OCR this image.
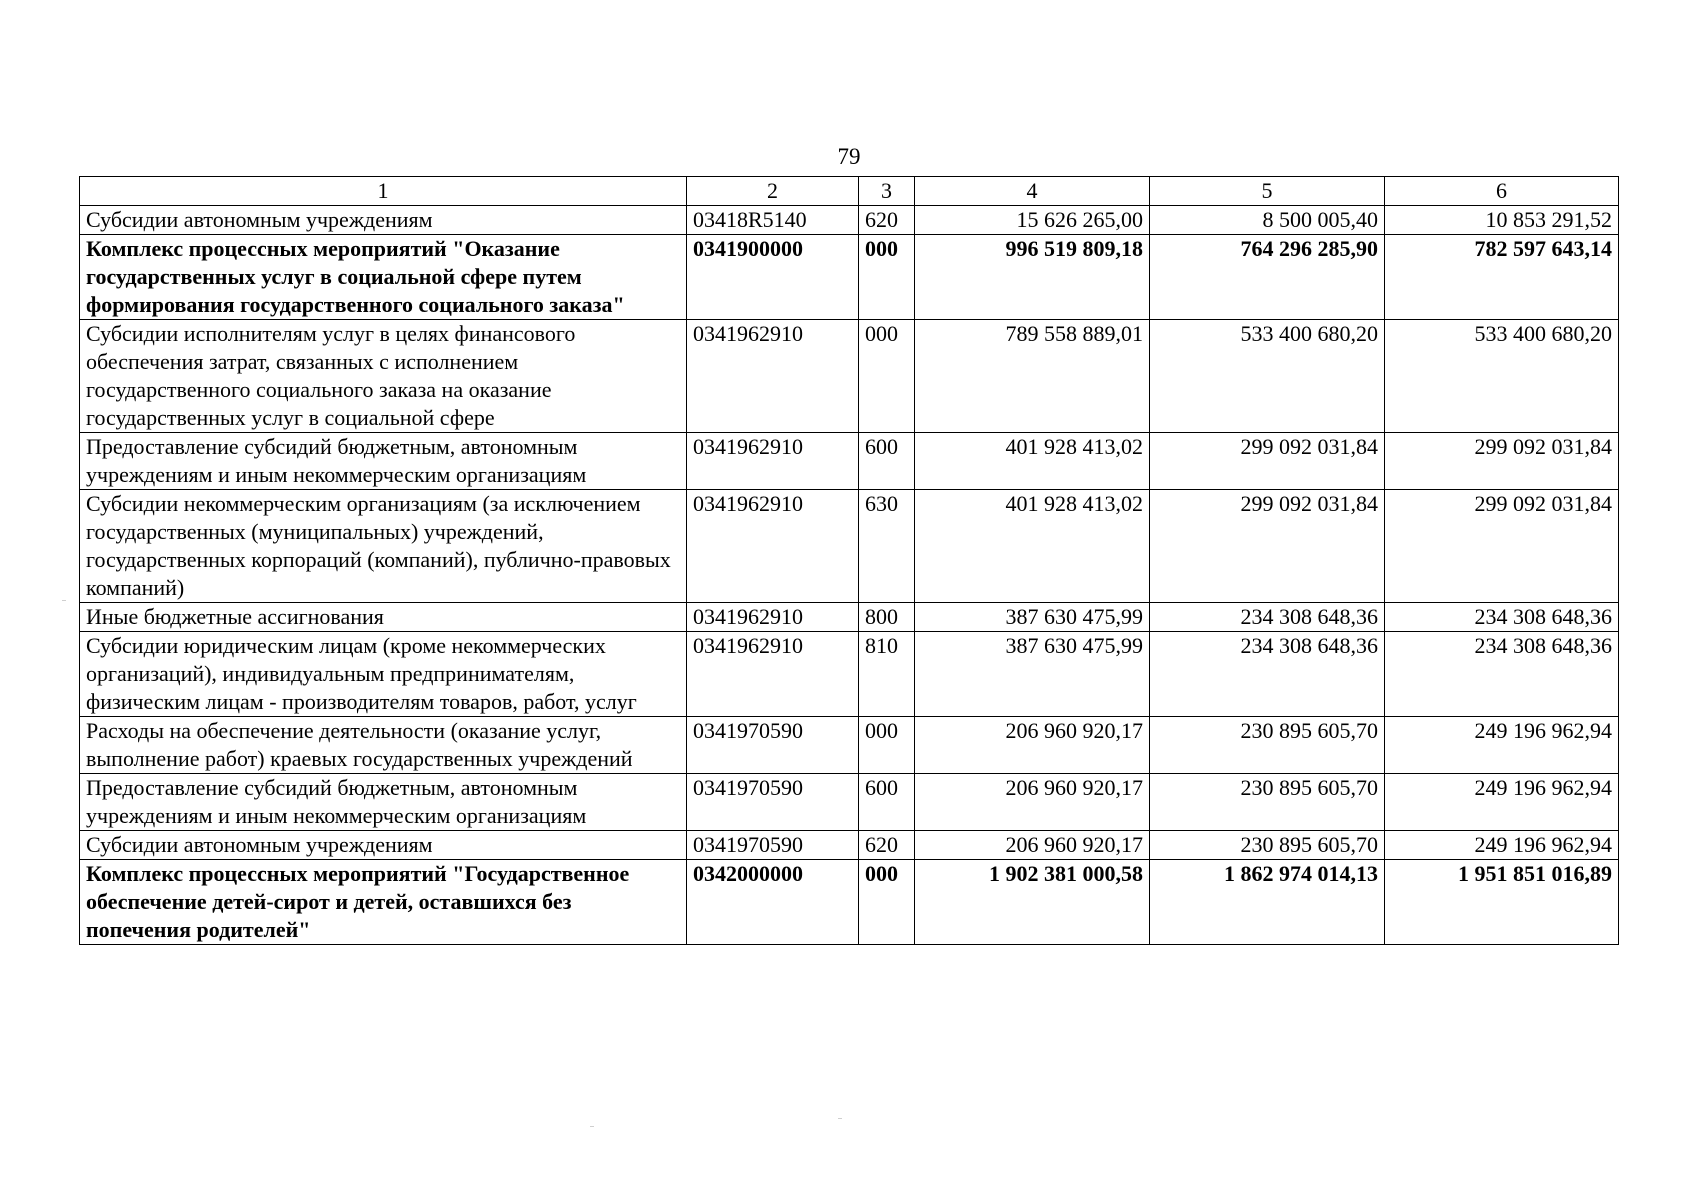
79
1	2	3	4	5	6
Субсидии автономным учреждениям	03418R5140	620	15 626 265,00	8 500 005,40	10 853 291,52
Комплекс процессных мероприятий "Оказание государственных услуг в социальной сфере путем формирования государственного социального заказа"	0341900000	000	996 519 809,18	764 296 285,90	782 597 643,14
Субсидии исполнителям услуг в целях финансового обеспечения затрат, связанных с исполнением государственного социального заказа на оказание государственных услуг в социальной сфере	0341962910	000	789 558 889,01	533 400 680,20	533 400 680,20
Предоставление субсидий бюджетным, автономным учреждениям и иным некоммерческим организациям	0341962910	600	401 928 413,02	299 092 031,84	299 092 031,84
Субсидии некоммерческим организациям (за исключением государственных (муниципальных) учреждений, государственных корпораций (компаний), публично-правовых компаний)	0341962910	630	401 928 413,02	299 092 031,84	299 092 031,84
Иные бюджетные ассигнования	0341962910	800	387 630 475,99	234 308 648,36	234 308 648,36
Субсидии юридическим лицам (кроме некоммерческих организаций), индивидуальным предпринимателям, физическим лицам - производителям товаров, работ, услуг	0341962910	810	387 630 475,99	234 308 648,36	234 308 648,36
Расходы на обеспечение деятельности (оказание услуг, выполнение работ) краевых государственных учреждений	0341970590	000	206 960 920,17	230 895 605,70	249 196 962,94
Предоставление субсидий бюджетным, автономным учреждениям и иным некоммерческим организациям	0341970590	600	206 960 920,17	230 895 605,70	249 196 962,94
Субсидии автономным учреждениям	0341970590	620	206 960 920,17	230 895 605,70	249 196 962,94
Комплекс процессных мероприятий "Государственное обеспечение детей-сирот и детей, оставшихся без попечения родителей"	0342000000	000	1 902 381 000,58	1 862 974 014,13	1 951 851 016,89
